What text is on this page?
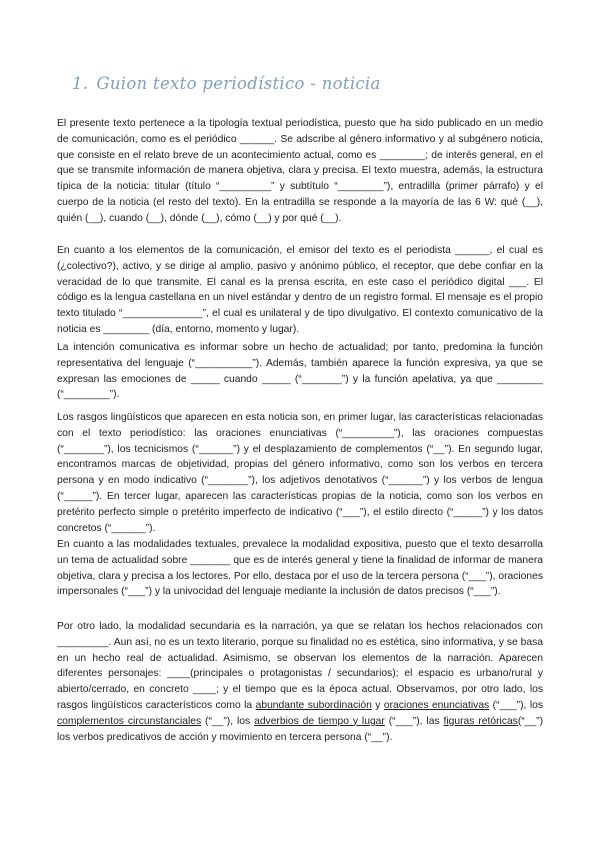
1. Guion texto periodístico - noticia

El presente texto pertenece a la tipología textual periodística, puesto que ha sido publicado en un medio de comunicación, como es el periódico ______. Se adscribe al género informativo y al subgénero noticia, que consiste en el relato breve de un acontecimiento actual, como es ________; de interés general, en el que se transmite información de manera objetiva, clara y precisa. El texto muestra, además, la estructura típica de la noticia: titular (título “_________” y subtítulo “________”), entradilla (primer párrafo) y el cuerpo de la noticia (el resto del texto). En la entradilla se responde a la mayoría de las 6 W: qué (__), quién (__), cuando (__), dónde (__), cómo (__) y por qué (__).

En cuanto a los elementos de la comunicación, el emisor del texto es el periodista ______, el cual es (¿colectivo?), activo, y se dirige al amplio, pasivo y anónimo público, el receptor, que debe confiar en la veracidad de lo que transmite. El canal es la prensa escrita, en este caso el periódico digital ___. El código es la lengua castellana en un nivel estándar y dentro de un registro formal. El mensaje es el propio texto titulado “______________”, el cual es unilateral y de tipo divulgativo. El contexto comunicativo de la noticia es ________ (día, entorno, momento y lugar).

La intención comunicativa es informar sobre un hecho de actualidad; por tanto, predomina la función representativa del lenguaje (“__________”). Además, también aparece la función expresiva, ya que se expresan las emociones de _____ cuando _____ (“_______”) y la función apelativa, ya que ________ (“________”).

Los rasgos lingüísticos que aparecen en esta noticia son, en primer lugar, las características relacionadas con el texto periodístico: las oraciones enunciativas (“_________”), las oraciones compuestas (“_______”), los tecnicismos (“______”) y el desplazamiento de complementos (“__”). En segundo lugar, encontramos marcas de objetividad, propias del género informativo, como son los verbos en tercera persona y en modo indicativo (“_______”), los adjetivos denotativos (“______”) y los verbos de lengua (“_____”). En tercer lugar, aparecen las características propias de la noticia, como son los verbos en pretérito perfecto simple o pretérito imperfecto de indicativo (“___”), el estilo directo (“_____”) y los datos concretos (“______”).

En cuanto a las modalidades textuales, prevalece la modalidad expositiva, puesto que el texto desarrolla un tema de actualidad sobre _______ que es de interés general y tiene la finalidad de informar de manera objetiva, clara y precisa a los lectores. Por ello, destaca por el uso de la tercera persona (“___”), oraciones impersonales (“___”) y la univocidad del lenguaje mediante la inclusión de datos precisos (“___”).

Por otro lado, la modalidad secundaria es la narración, ya que se relatan los hechos relacionados con _________. Aun así, no es un texto literario, porque su finalidad no es estética, sino informativa, y se basa en un hecho real de actualidad. Asimismo, se observan los elementos de la narración. Aparecen diferentes personajes: ____(principales o protagonistas / secundarios); el espacio es urbano/rural y abierto/cerrado, en concreto ____; y el tiempo que es la época actual. Observamos, por otro lado, los rasgos lingüísticos característicos como la abundante subordinación y oraciones enunciativas (“___”), los complementos circunstanciales (“__”), los adverbios de tiempo y lugar (“___”), las figuras retóricas(“__”) los verbos predicativos de acción y movimiento en tercera persona (“__”).
